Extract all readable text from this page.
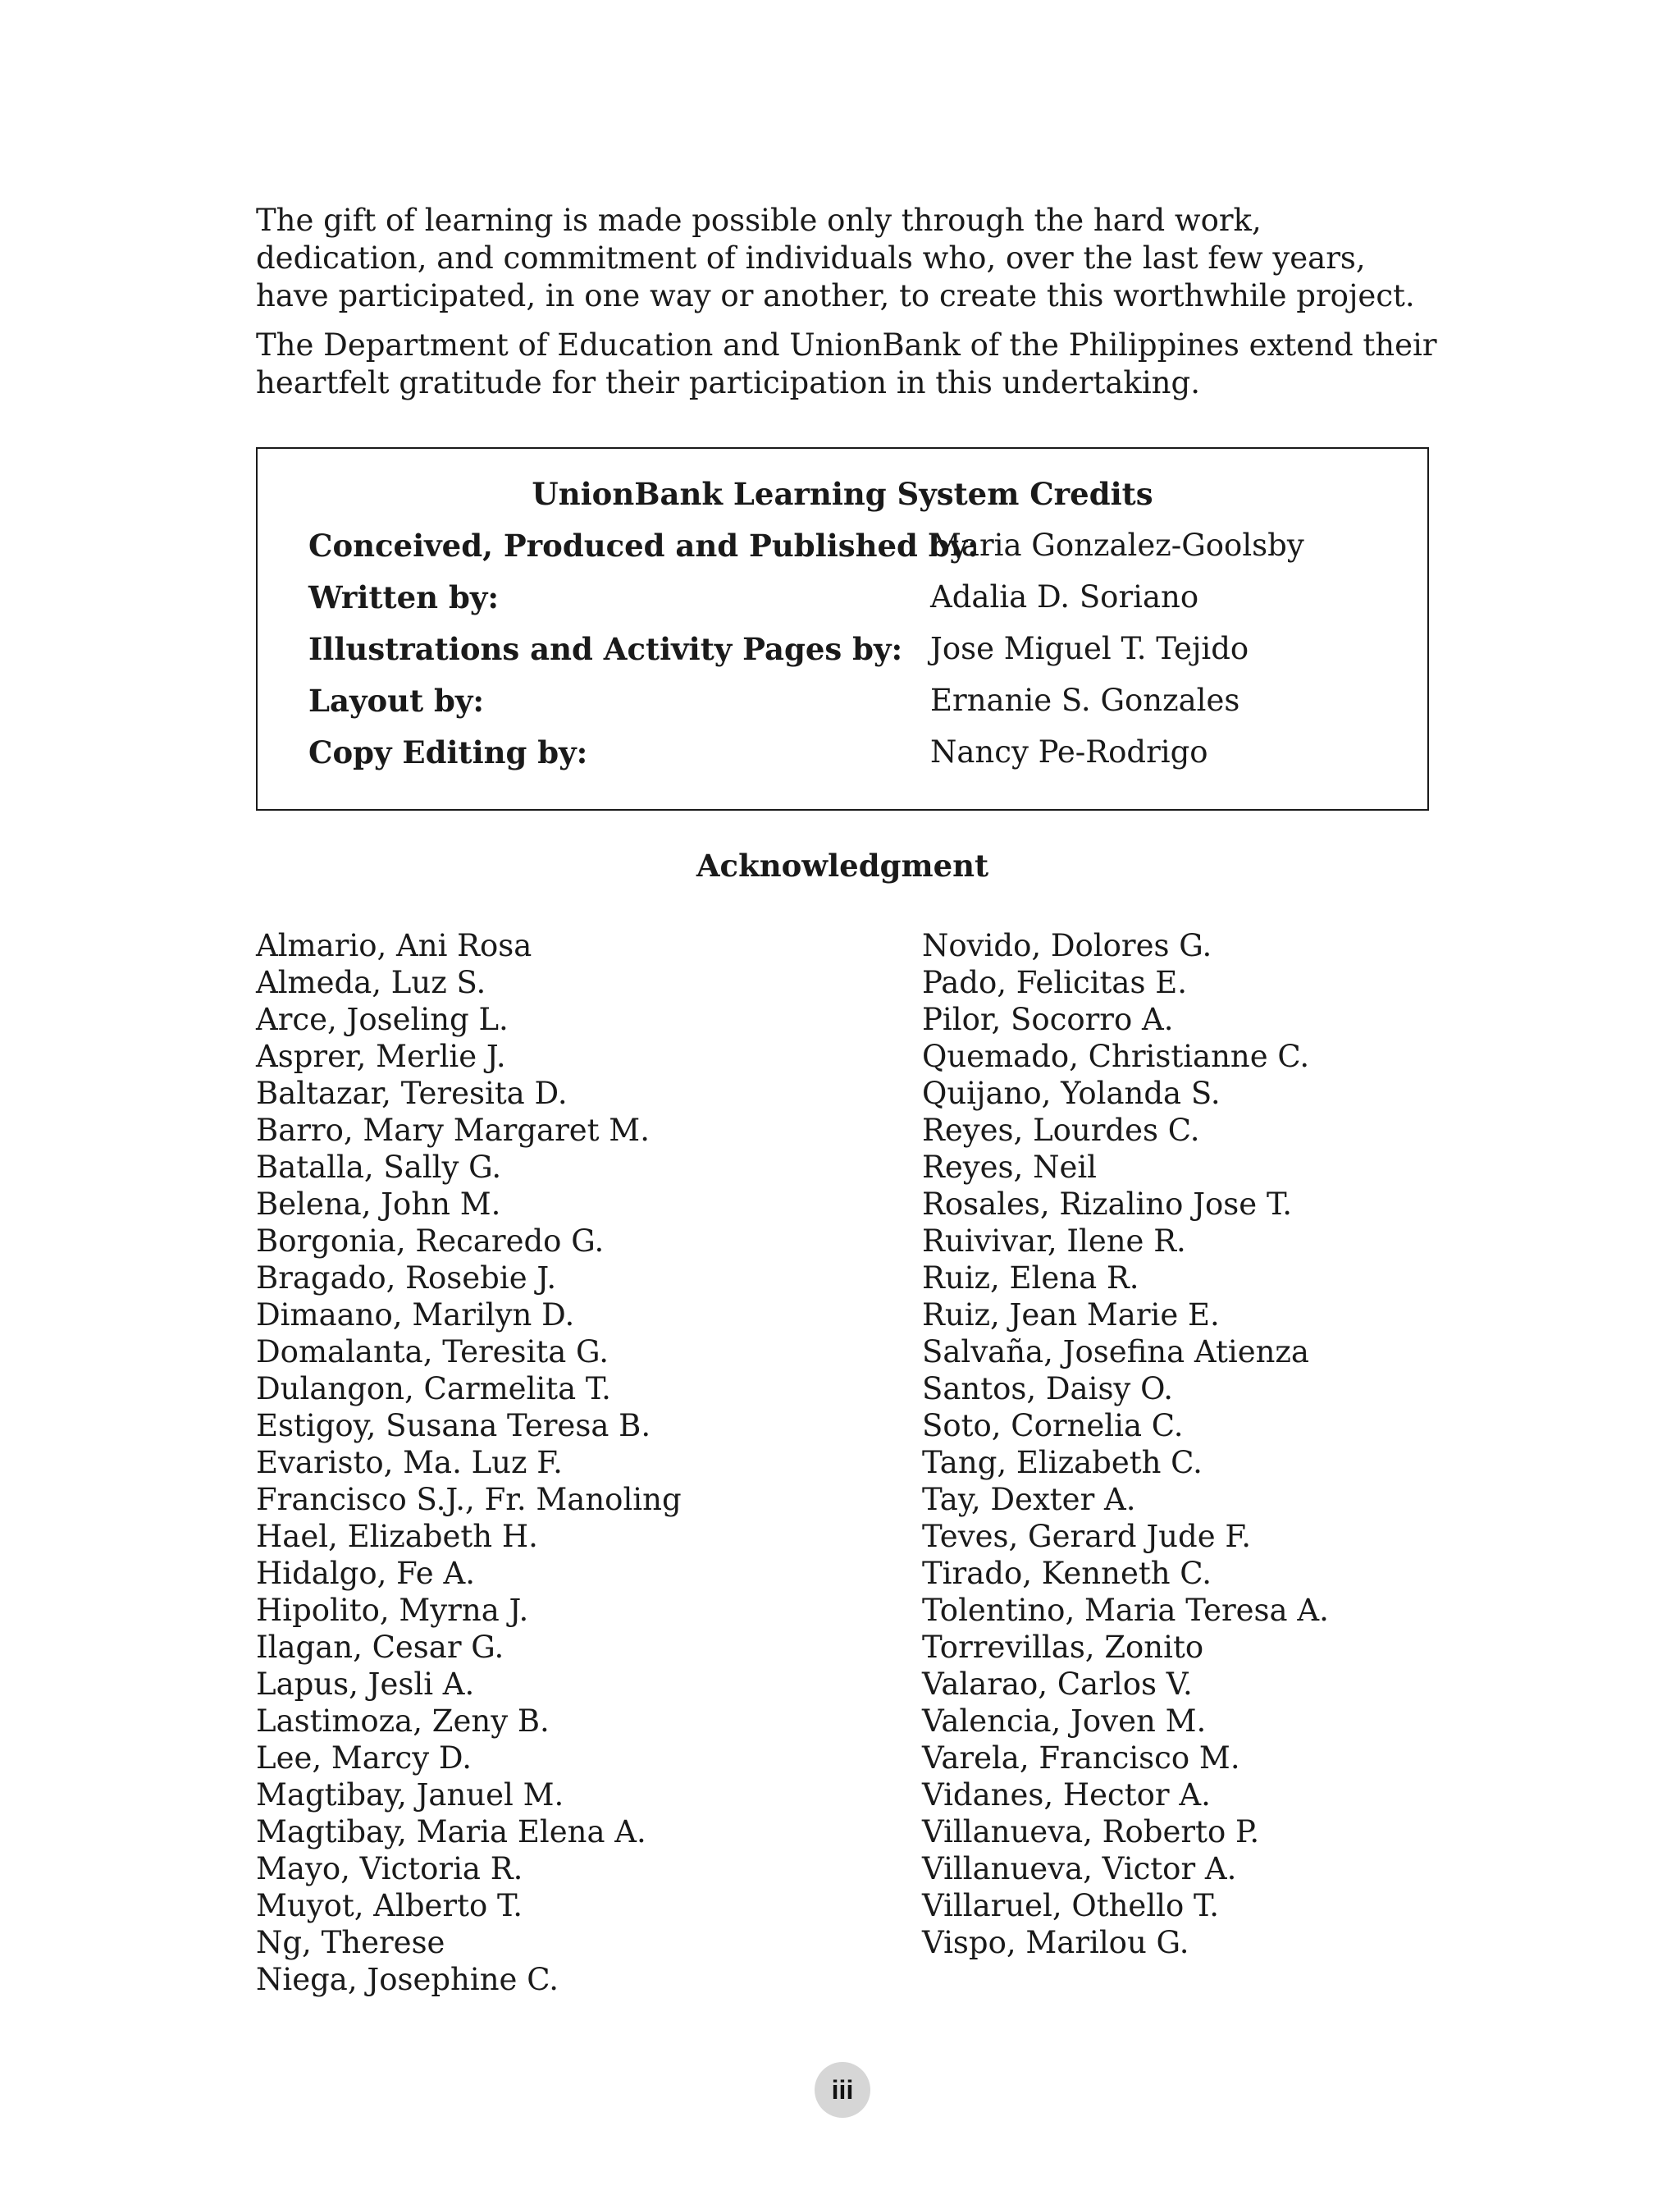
The gift of learning is made possible only through the hard work, dedication, and commitment of individuals who, over the last few years, have participated, in one way or another, to create this worthwhile project.

The Department of Education and UnionBank of the Philippines extend their heartfelt gratitude for their participation in this undertaking.

UnionBank Learning System Credits
Conceived, Produced and Published by:
Maria Gonzalez-Goolsby
Written by:	Adalia D. Soriano
Illustrations and Activity Pages by: Jose Miguel T. Tejido
Layout by:	Ernanie S. Gonzales
Copy Editing by:	Nancy Pe-Rodrigo
Acknowledgment
Almario, Ani Rosa
Almeda, Luz S.
Arce, Joseling L.
Asprer, Merlie J.
Baltazar, Teresita D.
Barro, Mary Margaret M.
Batalla, Sally G.
Belena, John M.
Borgonia, Recaredo G.
Bragado, Rosebie J.
Dimaano, Marilyn D.
Domalanta, Teresita G.
Dulangon, Carmelita T.
Estigoy, Susana Teresa B.
Evaristo, Ma. Luz F.
Francisco S.J., Fr. Manoling
Hael, Elizabeth H.
Hidalgo, Fe A.
Hipolito, Myrna J.
Ilagan, Cesar G.
Lapus, Jesli A.
Lastimoza, Zeny B.
Lee, Marcy D.
Magtibay, Januel M.
Magtibay, Maria Elena A.
Mayo, Victoria R.
Muyot, Alberto T.
Ng, Therese
Niega, Josephine C.
Novido, Dolores G.
Pado, Felicitas E.
Pilor, Socorro A.
Quemado, Christianne C.
Quijano, Yolanda S.
Reyes, Lourdes C.
Reyes, Neil
Rosales, Rizalino Jose T.
Ruivivar, Ilene R.
Ruiz, Elena R.
Ruiz, Jean Marie E.
Salvaña, Josefina Atienza
Santos, Daisy O.
Soto, Cornelia C.
Tang, Elizabeth C.
Tay, Dexter A.
Teves, Gerard Jude F.
Tirado, Kenneth C.
Tolentino, Maria Teresa A.
Torrevillas, Zonito
Valarao, Carlos V.
Valencia, Joven M.
Varela, Francisco M.
Vidanes, Hector A.
Villanueva, Roberto P.
Villanueva, Victor A.
Villaruel, Othello T.
Vispo, Marilou G.
iii
